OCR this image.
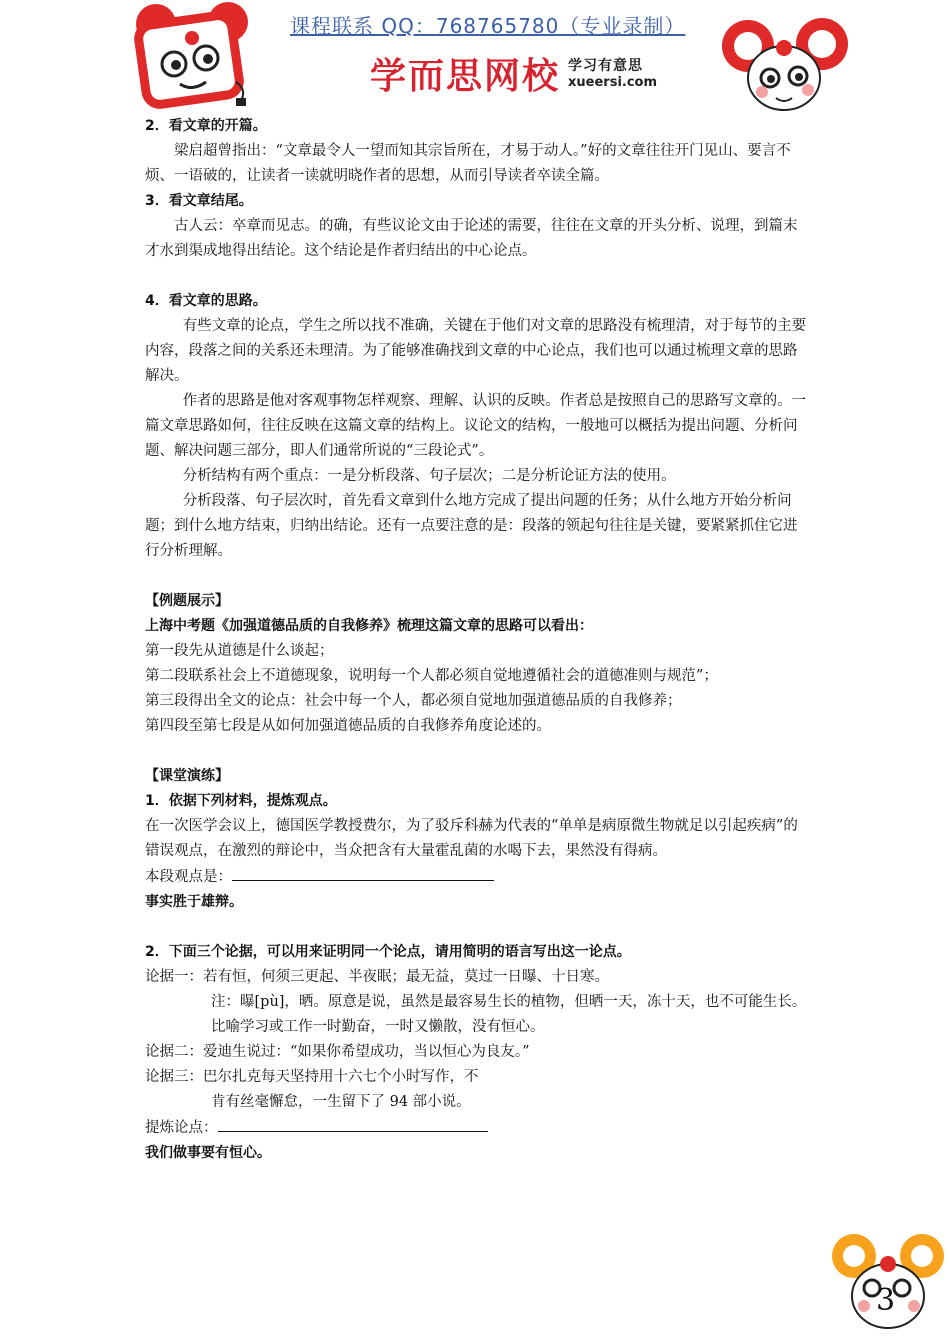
课程联系 QQ：768765780（专业录制）
学而思网校 学习有意思
xueersi.com

2．看文章的开篇。

梁启超曾指出：“文章最令人一望而知其宗旨所在，才易于动人。”好的文章往往开门见山、要言不烦、一语破的，让读者一读就明晓作者的思想，从而引导读者卒读全篇。

3．看文章结尾。

古人云：卒章而见志。的确，有些议论文由于论述的需要，往往在文章的开头分析、说理，到篇末才水到渠成地得出结论。这个结论是作者归结出的中心论点。

4．看文章的思路。

有些文章的论点，学生之所以找不准确，关键在于他们对文章的思路没有梳理清，对于每节的主要内容，段落之间的关系还未理清。为了能够准确找到文章的中心论点，我们也可以通过梳理文章的思路解决。

作者的思路是他对客观事物怎样观察、理解、认识的反映。作者总是按照自己的思路写文章的。一篇文章思路如何，往往反映在这篇文章的结构上。议论文的结构，一般地可以概括为提出问题、分析问题、解决问题三部分，即人们通常所说的“三段论式”。

分析结构有两个重点：一是分析段落、句子层次；二是分析论证方法的使用。

分析段落、句子层次时，首先看文章到什么地方完成了提出问题的任务；从什么地方开始分析问题；到什么地方结束，归纳出结论。还有一点要注意的是：段落的领起句往往是关键，要紧紧抓住它进行分析理解。

【例题展示】

上海中考题《加强道德品质的自我修养》梳理这篇文章的思路可以看出：

第一段先从道德是什么谈起；

第二段联系社会上不道德现象，说明每一个人都必须自觉地遵循社会的道德准则与规范”；

第三段得出全文的论点：社会中每一个人，都必须自觉地加强道德品质的自我修养；

第四段至第七段是从如何加强道德品质的自我修养角度论述的。

【课堂演练】

1．依据下列材料，提炼观点。

在一次医学会议上，德国医学教授费尔，为了驳斥科赫为代表的“单单是病原微生物就足以引起疾病”的错误观点，在激烈的辩论中，当众把含有大量霍乱菌的水喝下去，果然没有得病。

本段观点是：

事实胜于雄辩。

2．下面三个论据，可以用来证明同一个论点，请用简明的语言写出这一论点。

论据一： 若有恒，何须三更起、半夜眠；最无益，莫过一日曝、十日寒。

注：曝[pù]，晒。原意是说，虽然是最容易生长的植物，但晒一天，冻十天，也不可能生长。比喻学习或工作一时勤奋，一时又懒散，没有恒心。

论据二： 爱迪生说过：“如果你希望成功，当以恒心为良友。”
论据三： 巴尔扎克每天坚持用十六七个小时写作，不

肯有丝毫懈怠，一生留下了 94 部小说。

提炼论点：

我们做事要有恒心。

3
